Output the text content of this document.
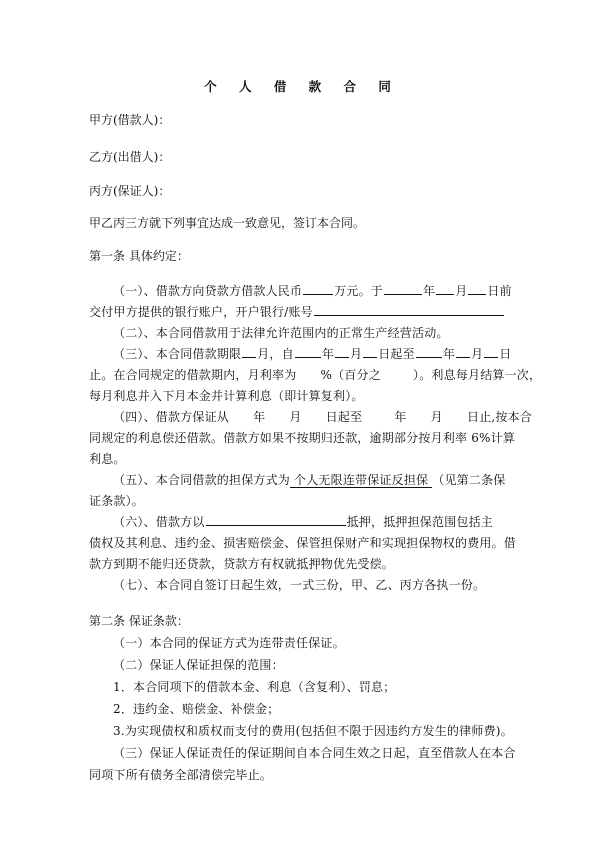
个 人 借 款 合 同
甲方(借款人)：
乙方(出借人)：
丙方(保证人)：
甲乙丙三方就下列事宜达成一致意见，签订本合同。
第一条 具体约定：
（一）、借款方向贷款方借款人民币	万元。于	年 月 日前
交付甲方提供的银行账户，开户银行/账号
（二）、本合同借款用于法律允许范围内的正常生产经营活动。
（三）、本合同借款期限 月，自 年 月 日起至 年 月 日
止。在合同规定的借款期内，月利率为      %（百分之        ）。利息每月结算一次，
每月利息并入下月本金并计算利息（即计算复利）。
（四）、借款方保证从      年      月      日起至        年      月      日止,按本合
同规定的利息偿还借款。借款方如果不按期归还款，逾期部分按月利率 6%计算
利息。
（五）、本合同借款的担保方式为 个人无限连带保证反担保 （见第二条保
证条款）。
（六）、借款方以	抵押，抵押担保范围包括主
债权及其利息、违约金、损害赔偿金、保管担保财产和实现担保物权的费用。借
款方到期不能归还贷款，贷款方有权就抵押物优先受偿。
（七）、本合同自签订日起生效，一式三份，甲、乙、丙方各执一份。
第二条 保证条款：
（一）本合同的保证方式为连带责任保证。
（二）保证人保证担保的范围：
1．本合同项下的借款本金、利息（含复利）、罚息；
2．违约金、赔偿金、补偿金；
3.为实现债权和质权而支付的费用(包括但不限于因违约方发生的律师费)。
（三）保证人保证责任的保证期间自本合同生效之日起，直至借款人在本合
同项下所有债务全部清偿完毕止。
